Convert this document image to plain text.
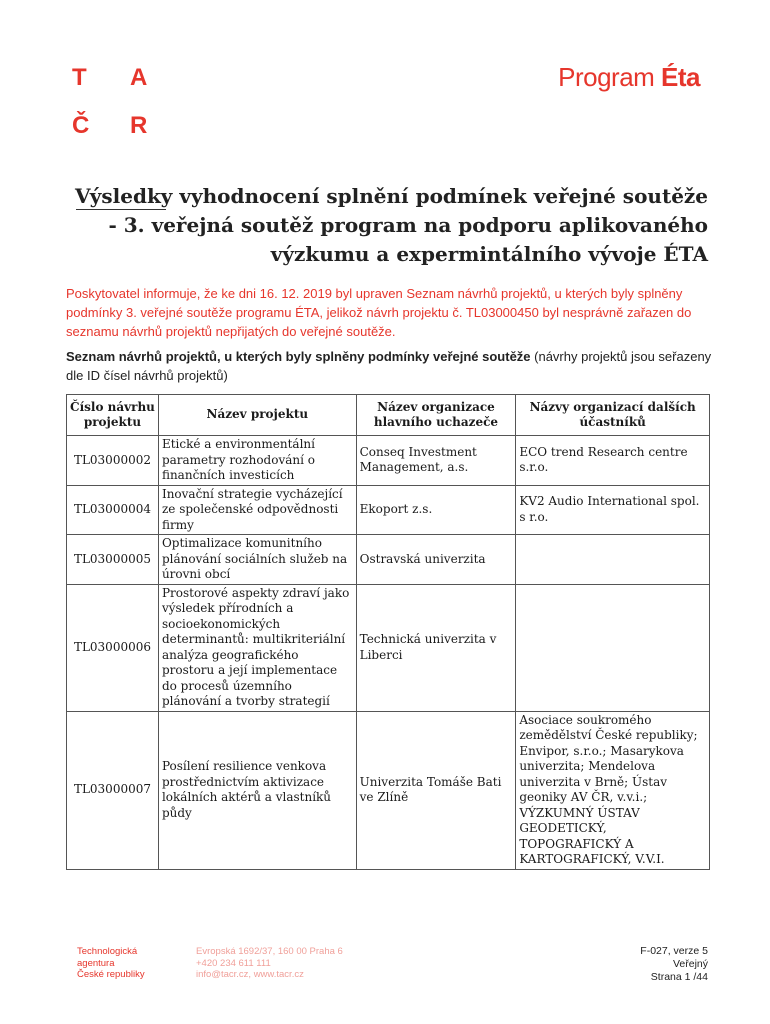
T A
Č R
Program Éta
Výsledky vyhodnocení splnění podmínek veřejné soutěže - 3. veřejná soutěž program na podporu aplikovaného výzkumu a expermintálního vývoje ÉTA

Poskytovatel informuje, že ke dni 16. 12. 2019 byl upraven Seznam návrhů projektů, u kterých byly splněny podmínky 3. veřejné soutěže programu ÉTA, jelikož návrh projektu č. TL03000450 byl nesprávně zařazen do seznamu návrhů projektů nepřijatých do veřejné soutěže.

Seznam návrhů projektů, u kterých byly splněny podmínky veřejné soutěže (návrhy projektů jsou seřazeny dle ID čísel návrhů projektů)

Číslo návrhu projektu	Název projektu	Název organizace hlavního uchazeče	Názvy organizací dalších účastníků
TL03000002	Etické a environmentální parametry rozhodování o finančních investicích	Conseq Investment Management, a.s.	ECO trend Research centre s.r.o.
TL03000004	Inovační strategie vycházející ze společenské odpovědnosti firmy	Ekoport z.s.	KV2 Audio International spol. s r.o.
TL03000005	Optimalizace komunitního plánování sociálních služeb na úrovni obcí	Ostravská univerzita	
TL03000006	Prostorové aspekty zdraví jako výsledek přírodních a socioekonomických determinantů: multikriteriální analýza geografického prostoru a její implementace do procesů územního plánování a tvorby strategií	Technická univerzita v Liberci	
TL03000007	Posílení resilience venkova prostřednictvím aktivizace lokálních aktérů a vlastníků půdy	Univerzita Tomáše Bati ve Zlíně	Asociace soukromého zemědělství České republiky; Envipor, s.r.o.; Masarykova univerzita; Mendelova univerzita v Brně; Ústav geoniky AV ČR, v.v.i.; VÝZKUMNÝ ÚSTAV GEODETICKÝ, TOPOGRAFICKÝ A KARTOGRAFICKÝ, V.V.I.
Technologická
agentura
České republiky
Evropská 1692/37, 160 00 Praha 6
+420 234 611 111
info@tacr.cz, www.tacr.cz
F-027, verze 5
Veřejný
Strana 1 /44
